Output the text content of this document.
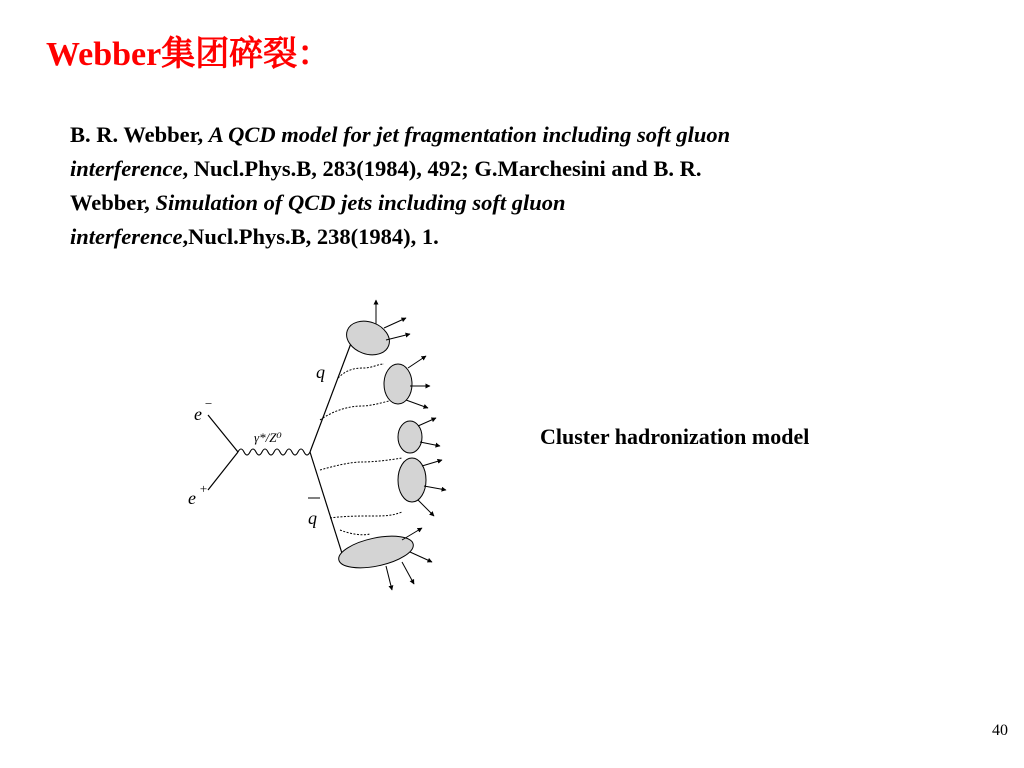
Webber集团碎裂：
B. R. Webber, A QCD model for jet fragmentation including soft gluon
interference, Nucl.Phys.B, 283(1984), 492; G.Marchesini and B. R.
Webber, Simulation of QCD jets including soft gluon
interference,Nucl.Phys.B, 238(1984), 1.
q
q
e
−
e +
γ*/Z⁰	Cluster hadronization model
40
